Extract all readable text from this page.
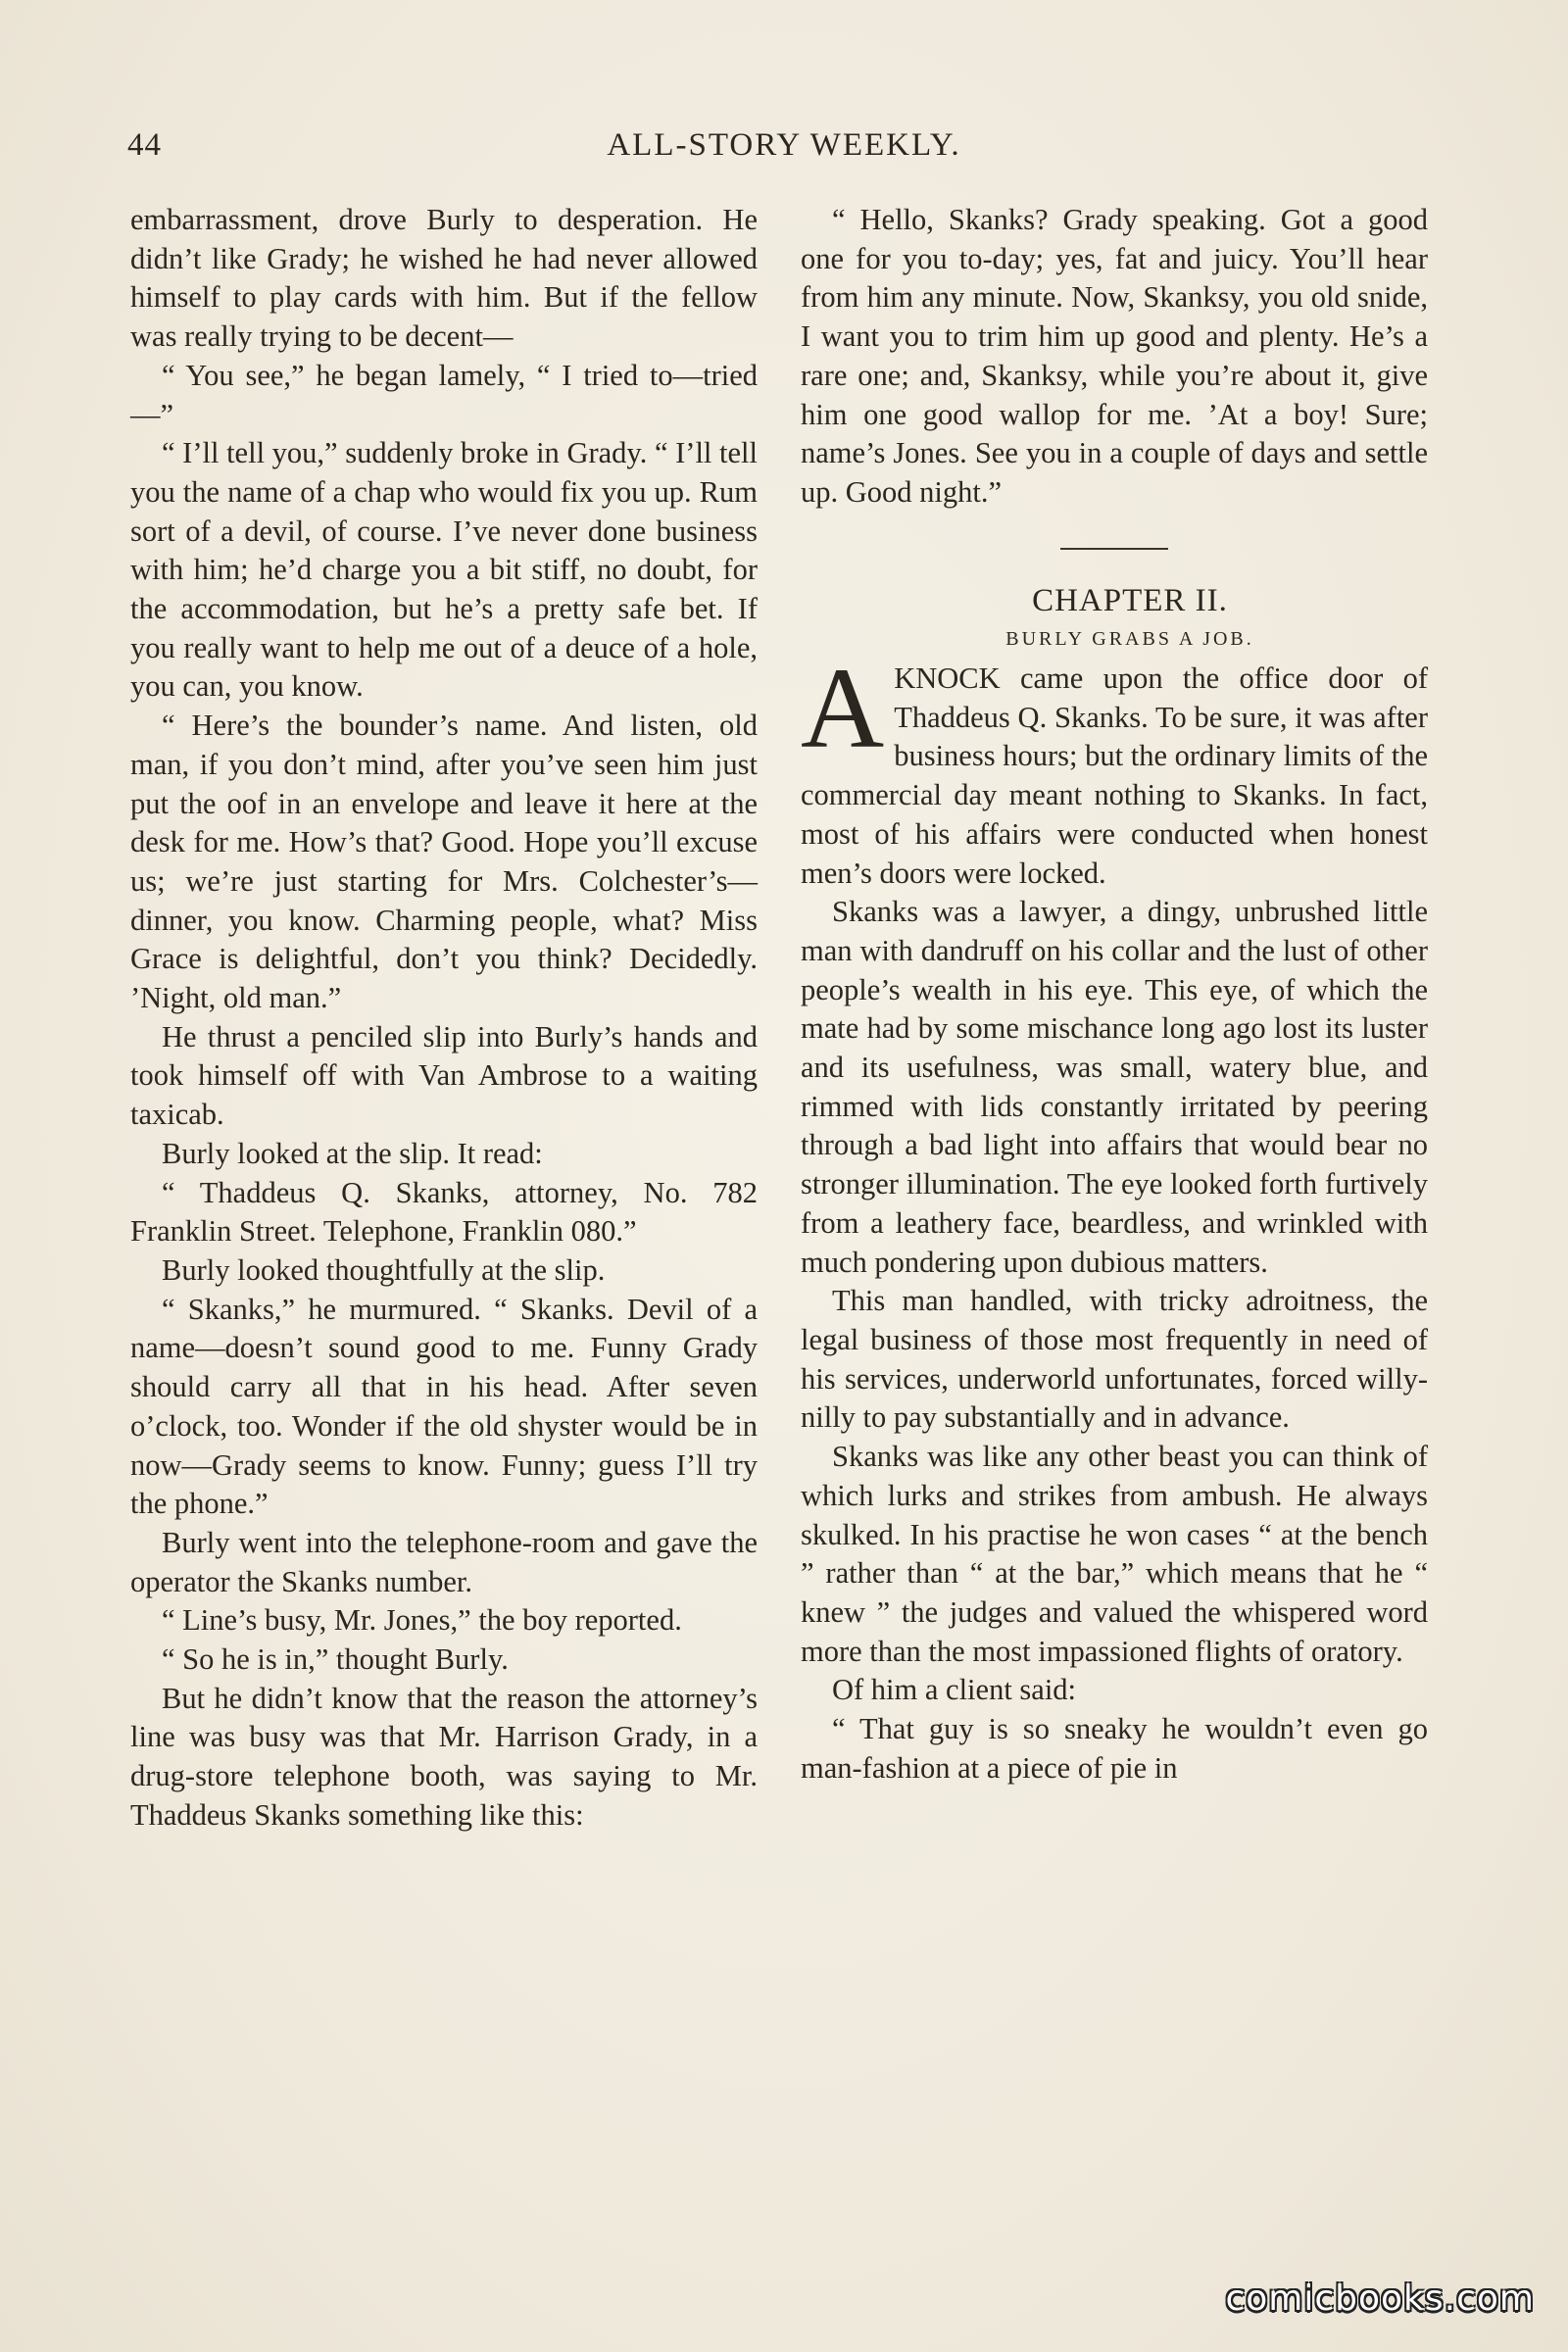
44	ALL-STORY WEEKLY.

embarrassment, drove Burly to desperation. He didn’t like Grady; he wished he had never allowed himself to play cards with him. But if the fellow was really trying to be decent—

“ You see,” he began lamely, “ I tried to—tried—”

“ I’ll tell you,” suddenly broke in Grady. “ I’ll tell you the name of a chap who would fix you up. Rum sort of a devil, of course. I’ve never done business with him; he’d charge you a bit stiff, no doubt, for the accommodation, but he’s a pretty safe bet. If you really want to help me out of a deuce of a hole, you can, you know.

“ Here’s the bounder’s name. And listen, old man, if you don’t mind, after you’ve seen him just put the oof in an envelope and leave it here at the desk for me. How’s that? Good. Hope you’ll excuse us; we’re just starting for Mrs. Colchester’s—dinner, you know. Charming people, what? Miss Grace is delightful, don’t you think? Decidedly. ’Night, old man.”

He thrust a penciled slip into Burly’s hands and took himself off with Van Ambrose to a waiting taxicab.

Burly looked at the slip. It read:

“ Thaddeus Q. Skanks, attorney, No. 782 Franklin Street. Telephone, Franklin 080.”

Burly looked thoughtfully at the slip.

“ Skanks,” he murmured. “ Skanks. Devil of a name—doesn’t sound good to me. Funny Grady should carry all that in his head. After seven o’clock, too. Wonder if the old shyster would be in now—Grady seems to know. Funny; guess I’ll try the phone.”

Burly went into the telephone-room and gave the operator the Skanks number.

“ Line’s busy, Mr. Jones,” the boy reported.

“ So he is in,” thought Burly.

But he didn’t know that the reason the attorney’s line was busy was that Mr. Harrison Grady, in a drug-store telephone booth, was saying to Mr. Thaddeus Skanks something like this:

“ Hello, Skanks? Grady speaking. Got a good one for you to-day; yes, fat and juicy. You’ll hear from him any minute. Now, Skanksy, you old snide, I want you to trim him up good and plenty. He’s a rare one; and, Skanksy, while you’re about it, give him one good wallop for me. ’At a boy! Sure; name’s Jones. See you in a couple of days and settle up. Good night.”

CHAPTER II.

BURLY GRABS A JOB.

AKNOCK came upon the office door of Thaddeus Q. Skanks. To be sure, it was after business hours; but the ordinary limits of the commercial day meant nothing to Skanks. In fact, most of his affairs were conducted when honest men’s doors were locked.

Skanks was a lawyer, a dingy, unbrushed little man with dandruff on his collar and the lust of other people’s wealth in his eye. This eye, of which the mate had by some mischance long ago lost its luster and its usefulness, was small, watery blue, and rimmed with lids constantly irritated by peering through a bad light into affairs that would bear no stronger illumination. The eye looked forth furtively from a leathery face, beardless, and wrinkled with much pondering upon dubious matters.

This man handled, with tricky adroitness, the legal business of those most frequently in need of his services, underworld unfortunates, forced willy-nilly to pay substantially and in advance.

Skanks was like any other beast you can think of which lurks and strikes from ambush. He always skulked. In his practise he won cases “ at the bench ” rather than “ at the bar,” which means that he “ knew ” the judges and valued the whispered word more than the most impassioned flights of oratory.

Of him a client said:

“ That guy is so sneaky he wouldn’t even go man-fashion at a piece of pie in

comicbooks.com
